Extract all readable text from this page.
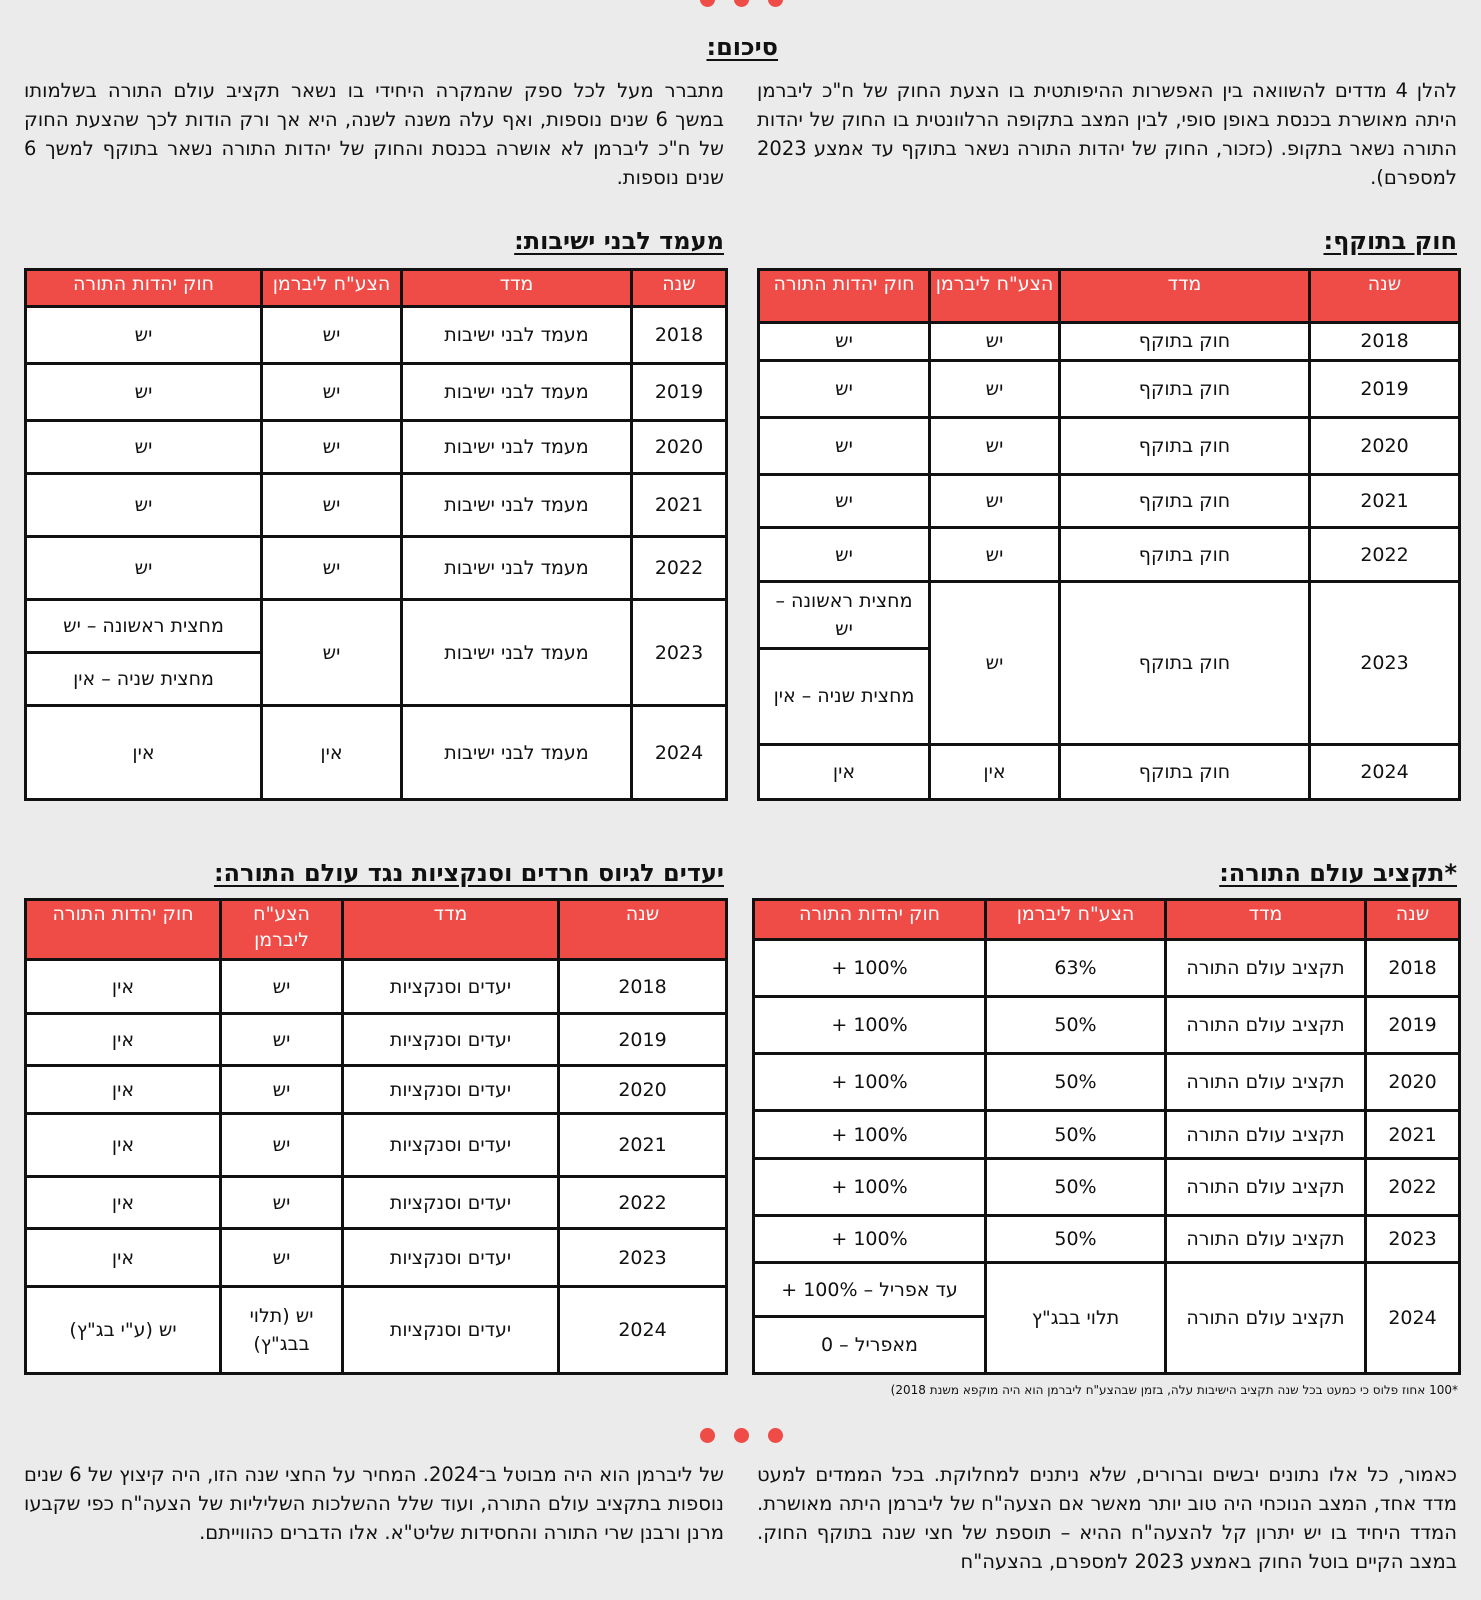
סיכום:

להלן 4 מדדים להשוואה בין האפשרות ההיפותטית בו הצעת החוק של ח"כ ליברמן היתה מאושרת בכנסת באופן סופי, לבין המצב בתקופה הרלוונטית בו החוק של יהדות התורה נשאר בתקופ. (כזכור, החוק של יהדות התורה נשאר בתוקף עד אמצע 2023 למספרם).

מתברר מעל לכל ספק שהמקרה היחידי בו נשאר תקציב עולם התורה בשלמותו במשך 6 שנים נוספות, ואף עלה משנה לשנה, היא אך ורק הודות לכך שהצעת החוק של ח"כ ליברמן לא אושרה בכנסת והחוק של יהדות התורה נשאר בתוקף למשך 6 שנים נוספות.

חוק בתוקף:

שנה	מדד	הצע"ח ליברמן	חוק יהדות התורה
2018	חוק בתוקף	יש	יש
2019	חוק בתוקף	יש	יש
2020	חוק בתוקף	יש	יש
2021	חוק בתוקף	יש	יש
2022	חוק בתוקף	יש	יש
2023	חוק בתוקף	יש	מחצית ראשונה – יש
			מחצית שניה – אין
2024	חוק בתוקף	אין	אין

מעמד לבני ישיבות:

שנה	מדד	הצע"ח ליברמן	חוק יהדות התורה
2018	מעמד לבני ישיבות	יש	יש
2019	מעמד לבני ישיבות	יש	יש
2020	מעמד לבני ישיבות	יש	יש
2021	מעמד לבני ישיבות	יש	יש
2022	מעמד לבני ישיבות	יש	יש
2023	מעמד לבני ישיבות	יש	מחצית ראשונה – יש
			מחצית שניה – אין
2024	מעמד לבני ישיבות	אין	אין

*תקציב עולם התורה:

שנה	מדד	הצע"ח ליברמן	חוק יהדות התורה
2018	תקציב עולם התורה	63%	100% +
2019	תקציב עולם התורה	50%	100% +
2020	תקציב עולם התורה	50%	100% +
2021	תקציב עולם התורה	50%	100% +
2022	תקציב עולם התורה	50%	100% +
2023	תקציב עולם התורה	50%	100% +
2024	תקציב עולם התורה	תלוי בבג"ץ	עד אפריל – 100% +
			מאפריל – 0

*100 אחוז פלוס כי כמעט בכל שנה תקציב הישיבות עלה, בזמן שבהצע"ח ליברמן הוא היה מוקפא משנת 2018)

יעדים לגיוס חרדים וסנקציות נגד עולם התורה:

שנה	מדד	הצע"ח ליברמן	חוק יהדות התורה
2018	יעדים וסנקציות	יש	אין
2019	יעדים וסנקציות	יש	אין
2020	יעדים וסנקציות	יש	אין
2021	יעדים וסנקציות	יש	אין
2022	יעדים וסנקציות	יש	אין
2023	יעדים וסנקציות	יש	אין
2024	יעדים וסנקציות	יש (תלוי בבג"ץ)	יש (ע"י בג"ץ)

כאמור, כל אלו נתונים יבשים וברורים, שלא ניתנים למחלוקת. בכל הממדים למעט מדד אחד, המצב הנוכחי היה טוב יותר מאשר אם הצעה"ח של ליברמן היתה מאושרת. המדד היחיד בו יש יתרון קל להצעה"ח ההיא – תוספת של חצי שנה בתוקף החוק. במצב הקיים בוטל החוק באמצע 2023 למספרם, בהצעה"ח

של ליברמן הוא היה מבוטל ב־2024. המחיר על החצי שנה הזו, היה קיצוץ של 6 שנים נוספות בתקציב עולם התורה, ועוד שלל ההשלכות השליליות של הצעה"ח כפי שקבעו מרנן ורבנן שרי התורה והחסידות שליט"א. אלו הדברים כהווייתם.
